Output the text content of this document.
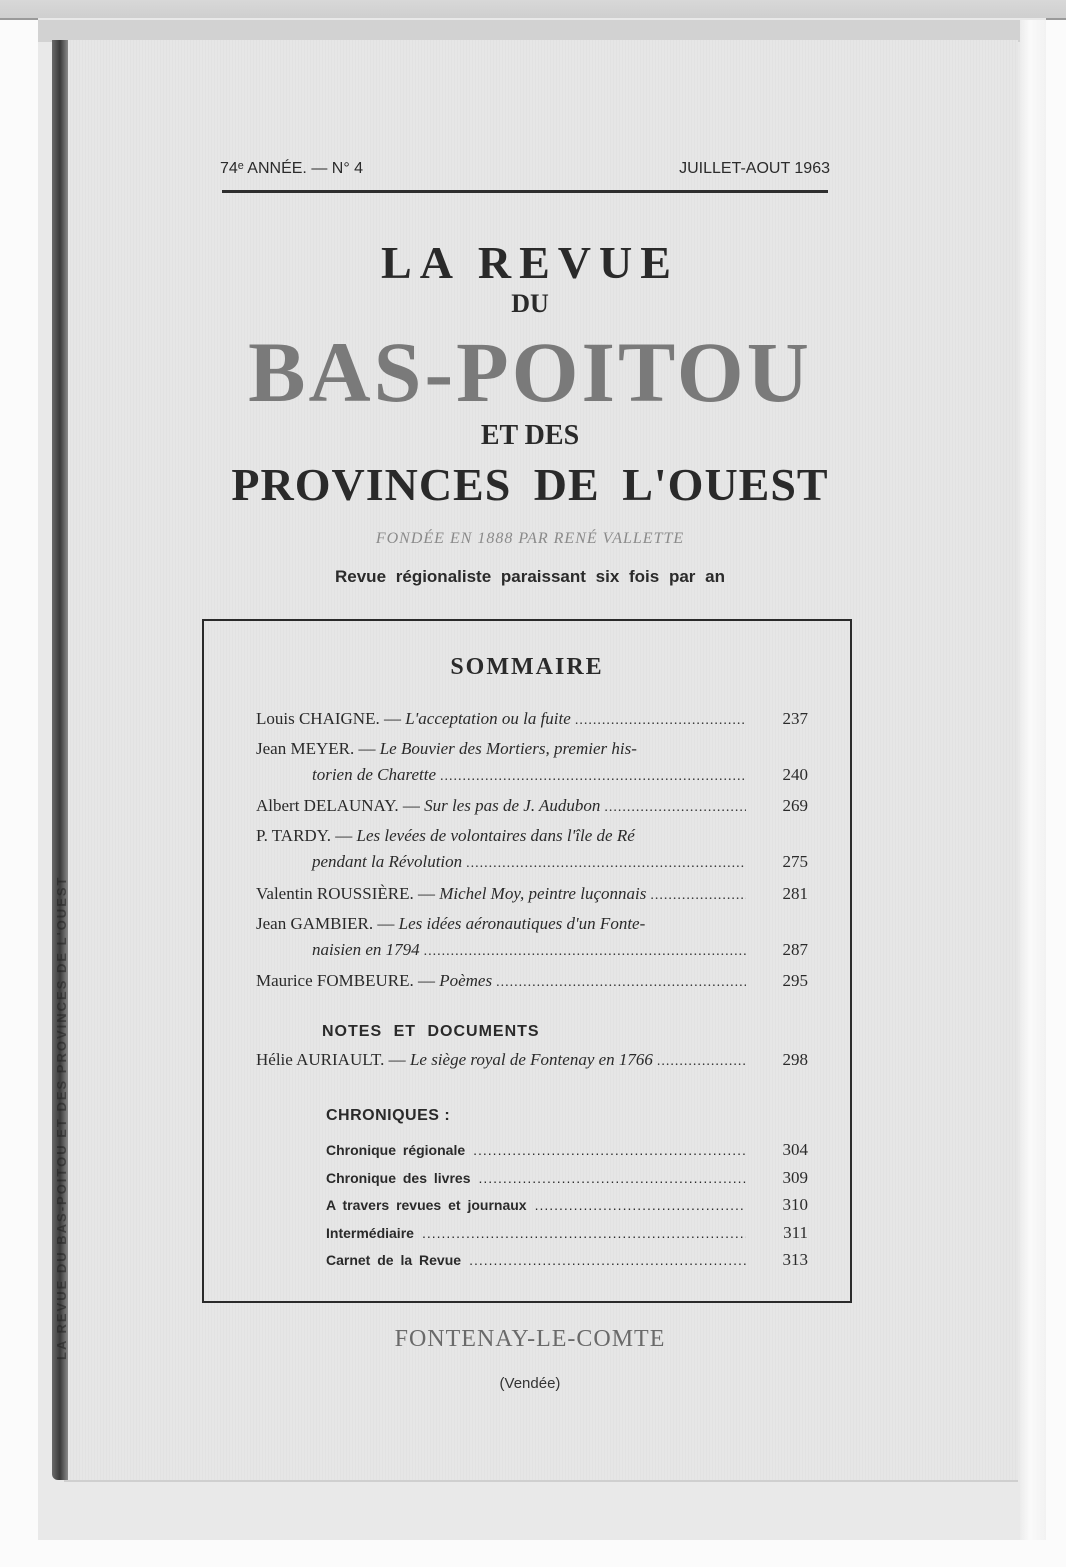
LA REVUE DU BAS-POITOU ET DES PROVINCES DE L'OUEST
74ᵉ ANNÉE. — N° 4	JUILLET-AOUT 1963
LA REVUE
DU
BAS-POITOU
ET DES
PROVINCES DE L'OUEST
FONDÉE EN 1888 PAR RENÉ VALLETTE
Revue régionaliste paraissant six fois par an
SOMMAIRE
Louis CHAIGNE. — L'acceptation ou la fuite .....	237
Jean MEYER. — Le Bouvier des Mortiers, premier his-
torien de Charette .....	240
Albert DELAUNAY. — Sur les pas de J. Audubon .....	269
P. TARDY. — Les levées de volontaires dans l'île de Ré
pendant la Révolution .....	275
Valentin ROUSSIÈRE. — Michel Moy, peintre luçonnais .....	281
Jean GAMBIER. — Les idées aéronautiques d'un Fonte-
naisien en 1794 .....	287
Maurice FOMBEURE. — Poèmes .....	295
NOTES ET DOCUMENTS
Hélie AURIAULT. — Le siège royal de Fontenay en 1766 .....	298
CHRONIQUES :
Chronique régionale .....	304
Chronique des livres .....	309
A travers revues et journaux .....	310
Intermédiaire .....	311
Carnet de la Revue .....	313
FONTENAY-LE-COMTE
(Vendée)
